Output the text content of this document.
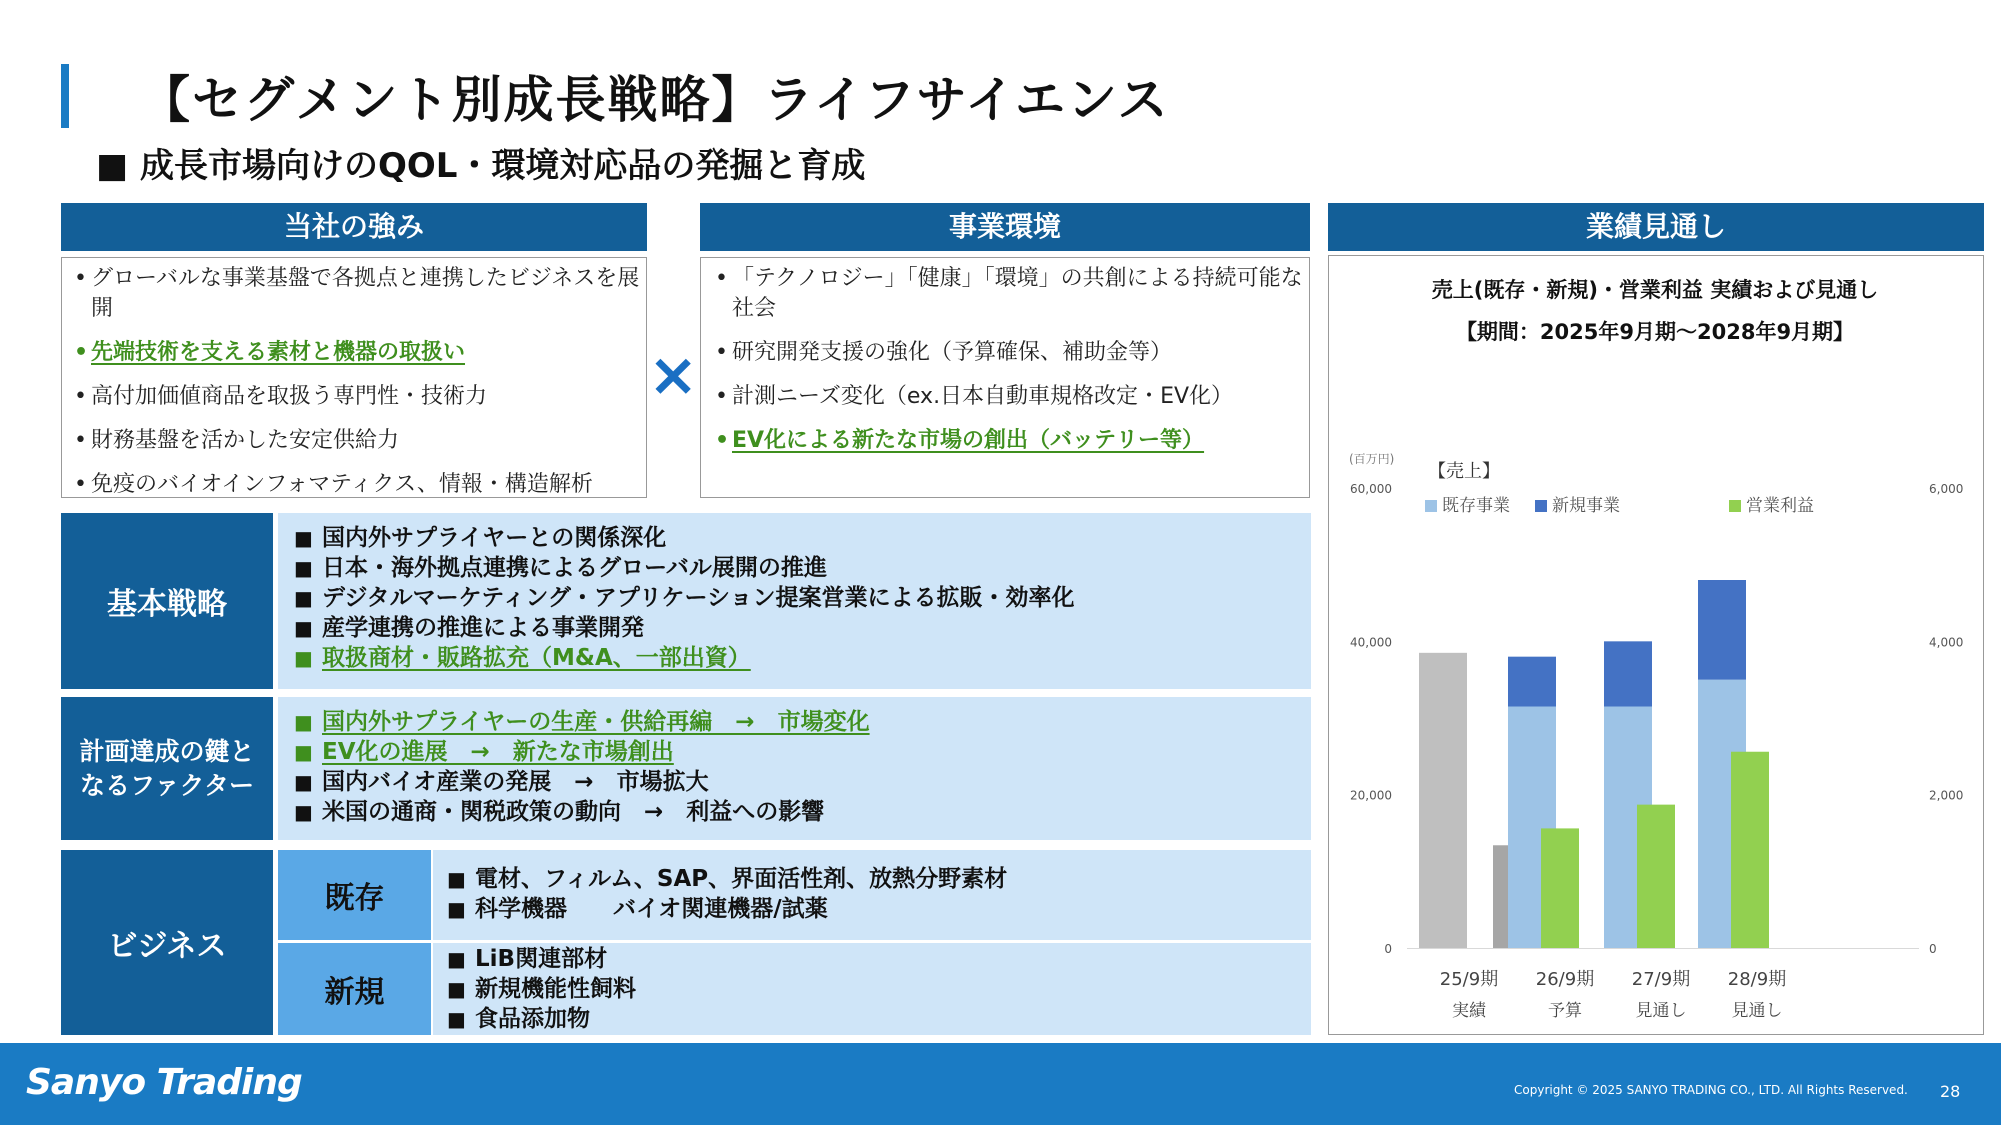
【セグメント別成長戦略】ライフサイエンス
■ 成長市場向けのQOL・環境対応品の発掘と育成
当社の強み
• グローバルな事業基盤で各拠点と連携したビジネスを展開
• 先端技術を支える素材と機器の取扱い
• 高付加価値商品を取扱う専門性・技術力
• 財務基盤を活かした安定供給力
• 免疫のバイオインフォマティクス、情報・構造解析
×
事業環境
• 「テクノロジー」「健康」「環境」の共創による持続可能な社会
• 研究開発支援の強化（予算確保、補助金等）
• 計測ニーズ変化（ex.日本自動車規格改定・EV化）
• EV化による新たな市場の創出（バッテリー等）
業績見通し
基本戦略
■ 国内外サプライヤーとの関係深化
■ 日本・海外拠点連携によるグローバル展開の推進
■ デジタルマーケティング・アプリケーション提案営業による拡販・効率化
■ 産学連携の推進による事業開発
■ 取扱商材・販路拡充（M&A、一部出資）
計画達成の鍵となるファクター
■ 国内外サプライヤーの生産・供給再編　→　市場変化
■ EV化の進展　→　新たな市場創出
■ 国内バイオ産業の発展　→　市場拡大
■ 米国の通商・関税政策の動向　→　利益への影響
ビジネス
既存
■ 電材、フィルム、SAP、界面活性剤、放熱分野素材
■ 科学機器　　バイオ関連機器/試薬
新規
■ LiB関連部材
■ 新規機能性飼料
■ 食品添加物
売上(既存・新規)・営業利益 実績および見通し
【期間：2025年9月期〜2028年9月期】
(百万円)
【売上】
既存事業 新規事業	営業利益
0
20,000
40,000
60,000
0
2,000
4,000
6,000
25/9期
実績
26/9期
予算
27/9期
見通し
28/9期
見通し
Sanyo Trading	Copyright © 2025 SANYO TRADING CO., LTD. All Rights Reserved. 28
